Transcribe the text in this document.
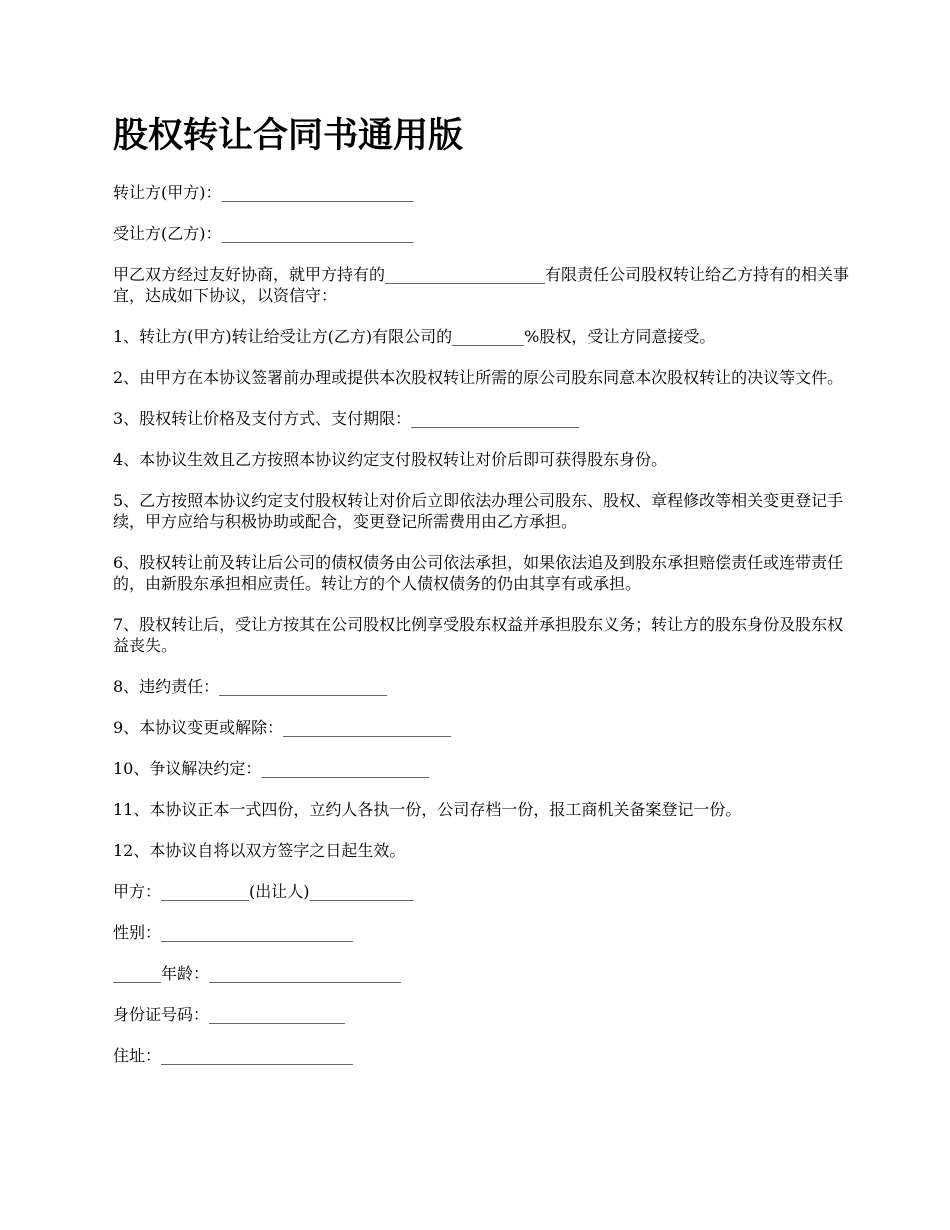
股权转让合同书通用版

转让方(甲方)：________________________

受让方(乙方)：________________________

甲乙双方经过友好协商，就甲方持有的____________________有限责任公司股权转让给乙方持有的相关事宜，达成如下协议，以资信守：

1、转让方(甲方)转让给受让方(乙方)有限公司的_________%股权，受让方同意接受。

2、由甲方在本协议签署前办理或提供本次股权转让所需的原公司股东同意本次股权转让的决议等文件。

3、股权转让价格及支付方式、支付期限：_____________________

4、本协议生效且乙方按照本协议约定支付股权转让对价后即可获得股东身份。

5、乙方按照本协议约定支付股权转让对价后立即依法办理公司股东、股权、章程修改等相关变更登记手续，甲方应给与积极协助或配合，变更登记所需费用由乙方承担。

6、股权转让前及转让后公司的债权债务由公司依法承担，如果依法追及到股东承担赔偿责任或连带责任的，由新股东承担相应责任。转让方的个人债权债务的仍由其享有或承担。

7、股权转让后，受让方按其在公司股权比例享受股东权益并承担股东义务；转让方的股东身份及股东权益丧失。

8、违约责任：_____________________

9、本协议变更或解除：_____________________

10、争议解决约定：_____________________

11、本协议正本一式四份，立约人各执一份，公司存档一份，报工商机关备案登记一份。

12、本协议自将以双方签字之日起生效。

甲方：___________(出让人)_____________

性别：________________________

______年龄：________________________

身份证号码：_________________

住址：________________________
